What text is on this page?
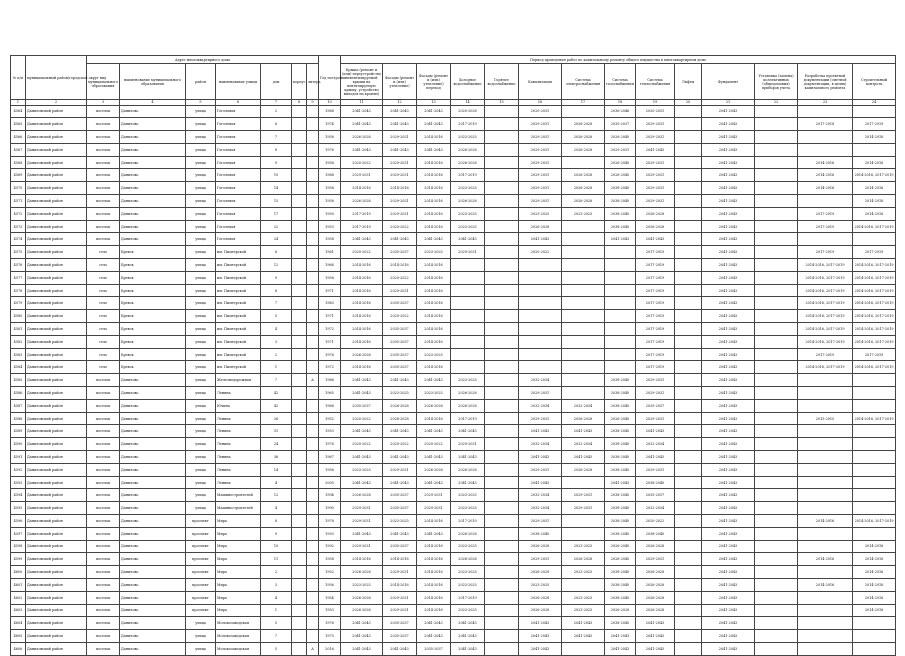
№ п/п	муниципальный район/городской округ	Адрес многоквартирного дома							Год постройки	Период проведения работ по капитальному ремонту общего имущества в многоквартирном доме													
		вид муниципального образования	наименование муниципального образования	район	наименование улицы	дом	корпус	литера		Крыша (ремонт и (или) переустройство невентилируемой крыши на вентилируемую крышу, устройство выходов на кровлю)	Фасады (ремонт и (или) утепление)	Фасады (ремонт и (или) утепление) переход	Холодное водоснабжение	Горячее водоснабжение	Канализация	Система электроснабжения	Система газоснабжения	Система теплоснабжения	Лифты	Фундамент	Установка (замена) коллективных (общедомовых) приборов учета	Разработка проектной документации (сметной документации, в целях) капитального ремонта	Строительный контроль
1	2	3	4	5	6	7	8	9	10	11	12	13	14	15	16	17	18	19	20	21	22	23	24
4564	Даниловский район	поселок	Данилово	улица	Гоголевая	2			1968	2041-2043	2041-2043	2041-2043	2020-2028		2020-2031		2036-2046	2020-2031		2041-2043			
4565	Даниловский район	поселок	Данилово	улица	Гоголевая	6			1974	2041-2043	2041-2043	2041-2043	2017-2019		2029-2031	2026-2028	2035-2037	2029-2031		2041-2043		2017-2018	2017-2019
4566	Даниловский район	поселок	Данилово	улица	Гоголевая	7			1958	2026-2028	2029-2031	2014-2016	2023-2025		2029-2031	2026-2028	2026-2040	2029-2031		2041-2043			2014-2016
4567	Даниловский район	поселок	Данилово	улица	Гоголевая	8			1976	2041-2043	2041-2043	2041-2043	2026-2028		2029-2031	2026-2028	2029-2031	2041-2043		2041-2043			
4568	Даниловский район	поселок	Данилово	улица	Гоголевая	9			1958	2020-2022	2029-2031	2014-2016	2026-2028		2029-2031		2026-2040	2029-2031		2041-2043		2014-2016	2014-2016
4569	Даниловский район	поселок	Данилово	улица	Гоголевая	10			1968	2029-2031	2029-2031	2014-2016	2017-2019		2029-2031	2026-2028	2026-2040	2029-2031		2041-2043		2014-2016	2014-2016, 2017-2019
4570	Даниловский район	поселок	Данилово	улица	Гоголевая	14			1958	2014-2016	2014-2016	2014-2016	2023-2025		2029-2031	2026-2028	2038-2040	2029-2031		2041-2043		2014-2016	2014-2016
4571	Даниловский район	поселок	Данилово	улица	Гоголевая	15			1958	2026-2028	2029-2031	2014-2016	2026-2028		2029-2031	2026-2028	2038-2040	2029-2031		2041-2043			2014-2016
4572	Даниловский район	поселок	Данилово	улица	Гоголевая	17			1950	2017-2019	2029-2031	2014-2016	2023-2025		2023-2025	2023-2025	2038-2040	2026-2028		2041-2043		2017-2019	2014-2016
4573	Даниловский район	поселок	Данилово	улица	Гоголевая	22			1953	2017-2019	2020-2022	2014-2016	2023-2025		2026-2028		2038-2040	2026-2028		2041-2043		2017-2019	2014-2016, 2017-2019
4574	Даниловский район	поселок	Данилово	улица	Гоголевая	24			1958	2041-2043	2041-2043	2041-2043	2041-2043		2041-2043		2041-2043	2041-2043		2041-2043			
4575	Даниловский район	село	Бревск	улица	им. Пионерской	6			1961	2020-2022	2035-2037	2023-2025	2029-2031		2020-2022			2017-2019		2041-2043		2017-2019	2017-2019
4576	Даниловский район	село	Бревск	улица	им. Пионерской	12			1968	2014-2016	2014-2016	2014-2016						2017-2019		2041-2043		2014-2016, 2017-2019	2014-2016, 2017-2019
4577	Даниловский район	село	Бревск	улица	им. Пионерской	9			1958	2014-2016	2020-2022	2014-2016						2017-2019		2041-2043		2014-2016, 2017-2019	2014-2016, 2017-2019
4578	Даниловский район	село	Бревск	улица	им. Пионерской	8			1971	2014-2016	2029-2031	2014-2016						2017-2019		2041-2043		2014-2016, 2017-2019	2014-2016, 2017-2019
4579	Даниловский район	село	Бревск	улица	им. Пионерской	7			1963	2014-2016	2035-2037	2014-2016						2017-2019		2041-2043		2014-2016, 2017-2019	2014-2016, 2017-2019
4580	Даниловский район	село	Бревск	улица	им. Пионерской	5			1971	2014-2016	2020-2022	2014-2016						2017-2019		2041-2043		2014-2016, 2017-2019	2014-2016, 2017-2019
4581	Даниловский район	село	Бревск	улица	им. Пионерской	4			1972	2014-2016	2035-2037	2014-2016						2017-2019		2041-2043		2014-2016, 2017-2019	2014-2016, 2017-2019
4582	Даниловский район	село	Бревск	улица	им. Пионерской	3			1971	2014-2016	2035-2037	2014-2016						2017-2019		2041-2043		2014-2016, 2017-2019	2014-2016, 2017-2019
4583	Даниловский район	село	Бревск	улица	им. Пионерской	2			1976	2026-2028	2035-2037	2023-2025						2017-2019		2041-2043		2017-2019	2017-2019
4584	Даниловский район	село	Бревск	улица	им. Пионерской	1			1972	2014-2016	2035-2037	2014-2016						2017-2019		2041-2043		2014-2016, 2017-2019	2014-2016, 2017-2019
4585	Даниловский район	поселок	Данилово	улица	Железнодорожная	7		А	1986	2041-2043	2041-2043	2041-2043	2023-2025		2032-2034		2038-2040	2029-2031		2041-2043			
4586	Даниловский район	поселок	Данилово	улица	Ленина	42			1965	2041-2043	2023-2025	2023-2025	2026-2028		2029-2031		2038-2040	2029-2031		2041-2043			
4587	Даниловский район	поселок	Данилово	улица	Ючина	42			1968	2035-2037	2026-2028	2026-2028	2026-2028		2032-2034	2032-2034	2038-2040	2035-2037		2041-2043			
4588	Даниловский район	поселок	Данилово	улица	Ленина	26			1952	2020-2022	2026-2028	2014-2016	2017-2019		2029-2031	2026-2028	2026-2040	2029-2031		2041-2043		2015-2015	2014-2016, 2017-2019
4589	Даниловский район	поселок	Данилово	улица	Ленина	31			1953	2041-2043	2041-2043	2041-2043	2041-2043		2041-2043	2041-2043	2038-2040	2041-2043		2041-2043			
4590	Даниловский район	поселок	Данилово	улица	Ленина	24			1976	2020-2022	2020-2022	2020-2022	2029-2031		2032-2034	2032-2034	2038-2040	2032-2034		2041-2043			
4591	Даниловский район	поселок	Данилово	улица	Ленина	36			1967	2041-2043	2041-2043	2041-2043	2041-2043		2041-2043	2041-2043	2038-2040	2041-2043		2041-2043			
4592	Даниловский район	поселок	Данилово	улица	Ленина	14			1956	2023-2025	2029-2031	2026-2028	2026-2028		2029-2031	2026-2028	2038-2040	2029-2031		2041-2043			
4593	Даниловский район	поселок	Данилово	улица	Ленина	4			2005	2041-2043	2041-2043	2041-2043	2041-2043		2041-2043		2041-2043	2038-2040		2041-2043			
4594	Даниловский район	поселок	Данилово	улица	Машиностроителей	12			1994	2026-2028	2035-2037	2029-2031	2023-2025		2032-2034	2029-2031	2038-2040	2035-2037		2041-2043			
4595	Даниловский район	поселок	Данилово	улица	Машиностроителей	4			1990	2029-2031	2035-2037	2029-2031	2023-2025		2032-2034	2029-2031	2038-2040	2032-2034		2041-2043			
4596	Даниловский район	поселок	Данилово	проспект	Мира	8			1978	2029-2031	2023-2025	2014-2016	2017-2019		2029-2031		2038-2040	2020-2022		2041-2043		2014-2016	2014-2016, 2017-2019
4597	Даниловский район	поселок	Данилово	проспект	Мира	9			1993	2041-2043	2041-2043	2041-2043	2026-2028		2038-2040		2038-2040	2038-2040		2041-2043			
4598	Даниловский район	поселок	Данилово	проспект	Мира	10			1992	2029-2031	2035-2037	2014-2016	2023-2025		2026-2028	2023-2025	2026-2040	2026-2028		2041-2043			2014-2016
4599	Даниловский район	поселок	Данилово	проспект	Мира	11			1958	2014-2016	2014-2016	2014-2016	2026-2028		2029-2031	2026-2028	2026-2040	2029-2031		2041-2043		2014-2016	2014-2016
4600	Даниловский район	поселок	Данилово	проспект	Мира	2			1952	2026-2028	2029-2031	2014-2016	2023-2025		2026-2028	2023-2025	2038-2040	2026-2028		2041-2043			2014-2016
4601	Даниловский район	поселок	Данилово	проспект	Мира	3			1956	2023-2025	2014-2016	2014-2016	2023-2025		2023-2025		2038-2040	2026-2028		2041-2043		2014-2016	2014-2016
4602	Даниловский район	поселок	Данилово	проспект	Мира	4			1954	2026-2028	2029-2031	2014-2016	2017-2019		2026-2028	2023-2025	2038-2040	2026-2028		2041-2043			2014-2016
4603	Даниловский район	поселок	Данилово	проспект	Мира	1			1953	2026-2028	2029-2031	2014-2016	2023-2025		2026-2028	2023-2025	2026-2028	2026-2028		2041-2043			2014-2016
4604	Даниловский район	поселок	Данилово	улица	Молокозаводская	5			1976	2041-2043	2035-2037	2041-2043	2041-2043		2041-2043	2041-2043	2038-2040	2041-2043		2041-2043			
4605	Даниловский район	поселок	Данилово	улица	Молокозаводская	7			1975	2041-2043	2035-2037	2041-2043	2041-2043		2041-2043	2041-2043	2041-2043	2041-2043		2041-2043			
4606	Даниловский район	поселок	Данилово	улица	Молокозаводская	5		А	2016	2041-2043	2041-2043	2035-2037	2041-2043		2041-2043		2041-2043	2041-2043		2041-2043			
